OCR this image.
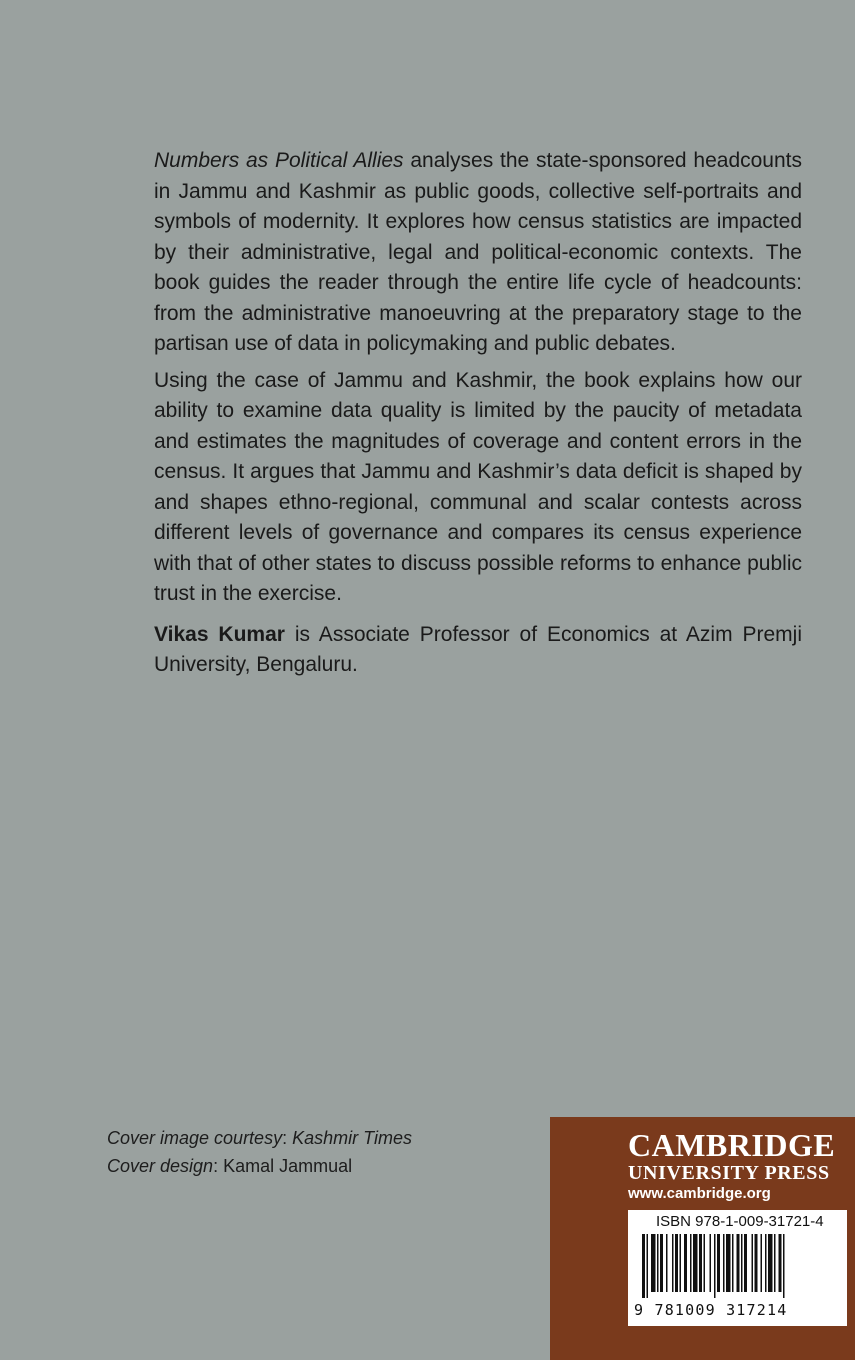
Numbers as Political Allies analyses the state-sponsored headcounts in Jammu and Kashmir as public goods, collective self-portraits and symbols of modernity. It explores how census statistics are impacted by their administrative, legal and political-economic contexts. The book guides the reader through the entire life cycle of headcounts: from the administrative manoeuvring at the preparatory stage to the partisan use of data in policymaking and public debates.

Using the case of Jammu and Kashmir, the book explains how our ability to examine data quality is limited by the paucity of metadata and estimates the magnitudes of coverage and content errors in the census. It argues that Jammu and Kashmir’s data deficit is shaped by and shapes ethno-regional, communal and scalar contests across different levels of governance and compares its census experience with that of other states to discuss possible reforms to enhance public trust in the exercise.

Vikas Kumar is Associate Professor of Economics at Azim Premji University, Bengaluru.

Cover image courtesy: Kashmir Times
Cover design: Kamal Jammual
CAMBRIDGE
UNIVERSITY PRESS
www.cambridge.org
ISBN 978-1-009-31721-4
9 781009 317214
